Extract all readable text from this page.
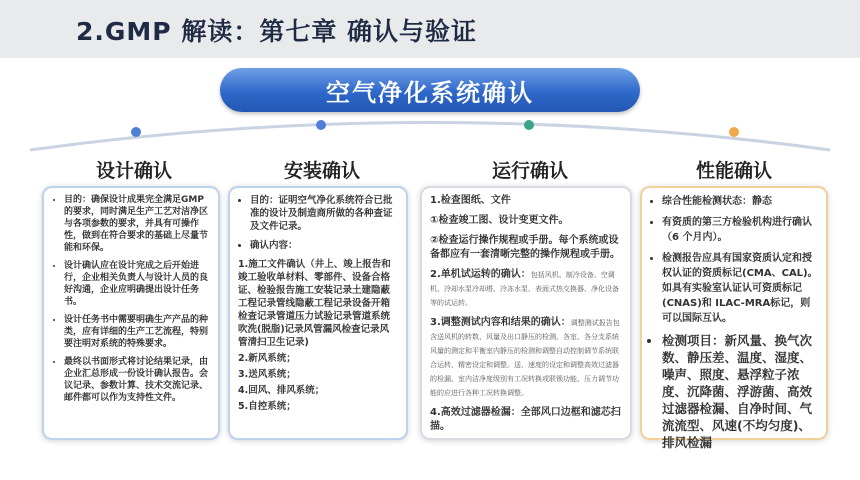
2.GMP 解读：第七章 确认与验证
空气净化系统确认
设计确认	安装确认	运行确认	性能确认
• 目的：确保设计成果完全满足GMP 的要求，同时满足生产工艺对洁净区与各项参数的要求，并具有可操作性，做到在符合要求的基础上尽量节能和环保。
• 设计确认应在设计完成之后开始进行，企业相关负责人与设计人员的良好沟通，企业应明确提出设计任务书。
• 设计任务书中需要明确生产产品的种类，应有详细的生产工艺流程，特别要注明对系统的特殊要求。
• 最终以书面形式将讨论结果记录，由企业汇总形成一份设计确认报告。会议记录、参数计算、技术交流记录、邮件都可以作为支持性文件。
• 目的：证明空气净化系统符合已批准的设计及制造商所做的各种查证及文件记录。
• 确认内容：

1.施工文件确认（井上、竣上报告和竣工验收单材料、零部件、设备合格证、检验报告施工安装记录土建隐蔽工程记录管线隐蔽工程记录设备开箱检查记录管道压力试验记录管道系统吹洗(脱脂)记录风管漏风检查记录风管清扫卫生记录)

2.新风系统；

3.送风系统；

4.回风、排风系统；

5.自控系统；

1.检查图纸、文件

①检查竣工图、设计变更文件。

②检查运行操作规程或手册。每个系统或设备都应有一套清晰完整的操作规程或手册。

2.单机试运转的确认：包括风机、制冷设备、空调机、冷却水泵冷却塔、冷冻水泵、表面式热交换器、净化设备等的试运转。

3.调整测试内容和结果的确认：调整测试报告包含送风机的转数、风量及出口静压的检测、各室、各分支系统风量的测定和平衡室内静压的检测和调整自动控制调节系统联合运转、精密设定和调整。送、速度的设定和调整高效过滤器的检漏、室内洁净度级别有工况转换或联锁功能、压力调节功能的应进行各种工况转换调整。

4.高效过滤器检漏：全部风口边框和滤芯扫描。

• 综合性能检测状态：静态
• 有资质的第三方检验机构进行确认（6 个月内）。
• 检测报告应具有国家资质认定和授权认证的资质标记(CMA、CAL)。如具有实验室认证认可资质标记(CNAS)和 ILAC-MRA标记，则可以国际互认。
• 检测项目：新风量、换气次数、静压差、温度、湿度、噪声、照度、悬浮粒子浓度、沉降菌、浮游菌、高效过滤器检漏、自净时间、气流流型、风速(不均匀度)、排风检漏
